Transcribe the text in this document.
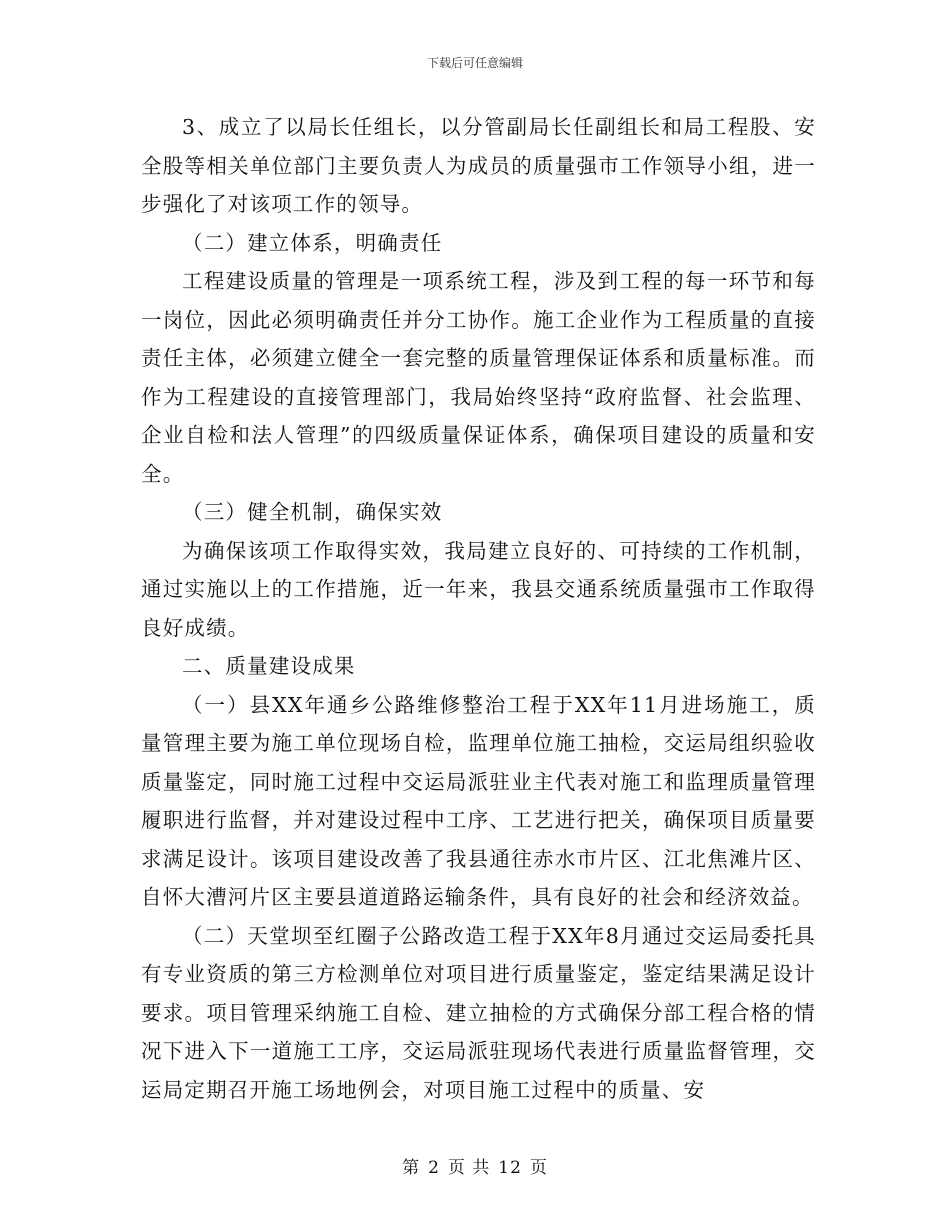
下载后可任意编辑

3、成立了以局长任组长，以分管副局长任副组长和局工程股、安全股等相关单位部门主要负责人为成员的质量强市工作领导小组，进一步强化了对该项工作的领导。

（二）建立体系，明确责任

工程建设质量的管理是一项系统工程，涉及到工程的每一环节和每一岗位，因此必须明确责任并分工协作。施工企业作为工程质量的直接责任主体，必须建立健全一套完整的质量管理保证体系和质量标准。而作为工程建设的直接管理部门，我局始终坚持“政府监督、社会监理、企业自检和法人管理”的四级质量保证体系，确保项目建设的质量和安全。

（三）健全机制，确保实效

为确保该项工作取得实效，我局建立良好的、可持续的工作机制，通过实施以上的工作措施，近一年来，我县交通系统质量强市工作取得良好成绩。

二、质量建设成果

（一）县XX年通乡公路维修整治工程于XX年11月进场施工，质量管理主要为施工单位现场自检，监理单位施工抽检，交运局组织验收质量鉴定，同时施工过程中交运局派驻业主代表对施工和监理质量管理履职进行监督，并对建设过程中工序、工艺进行把关，确保项目质量要求满足设计。该项目建设改善了我县通往赤水市片区、江北焦滩片区、自怀大漕河片区主要县道道路运输条件，具有良好的社会和经济效益。

（二）天堂坝至红圈子公路改造工程于XX年8月通过交运局委托具有专业资质的第三方检测单位对项目进行质量鉴定，鉴定结果满足设计要求。项目管理采纳施工自检、建立抽检的方式确保分部工程合格的情况下进入下一道施工工序，交运局派驻现场代表进行质量监督管理，交运局定期召开施工场地例会，对项目施工过程中的质量、安

第 2 页 共 12 页
